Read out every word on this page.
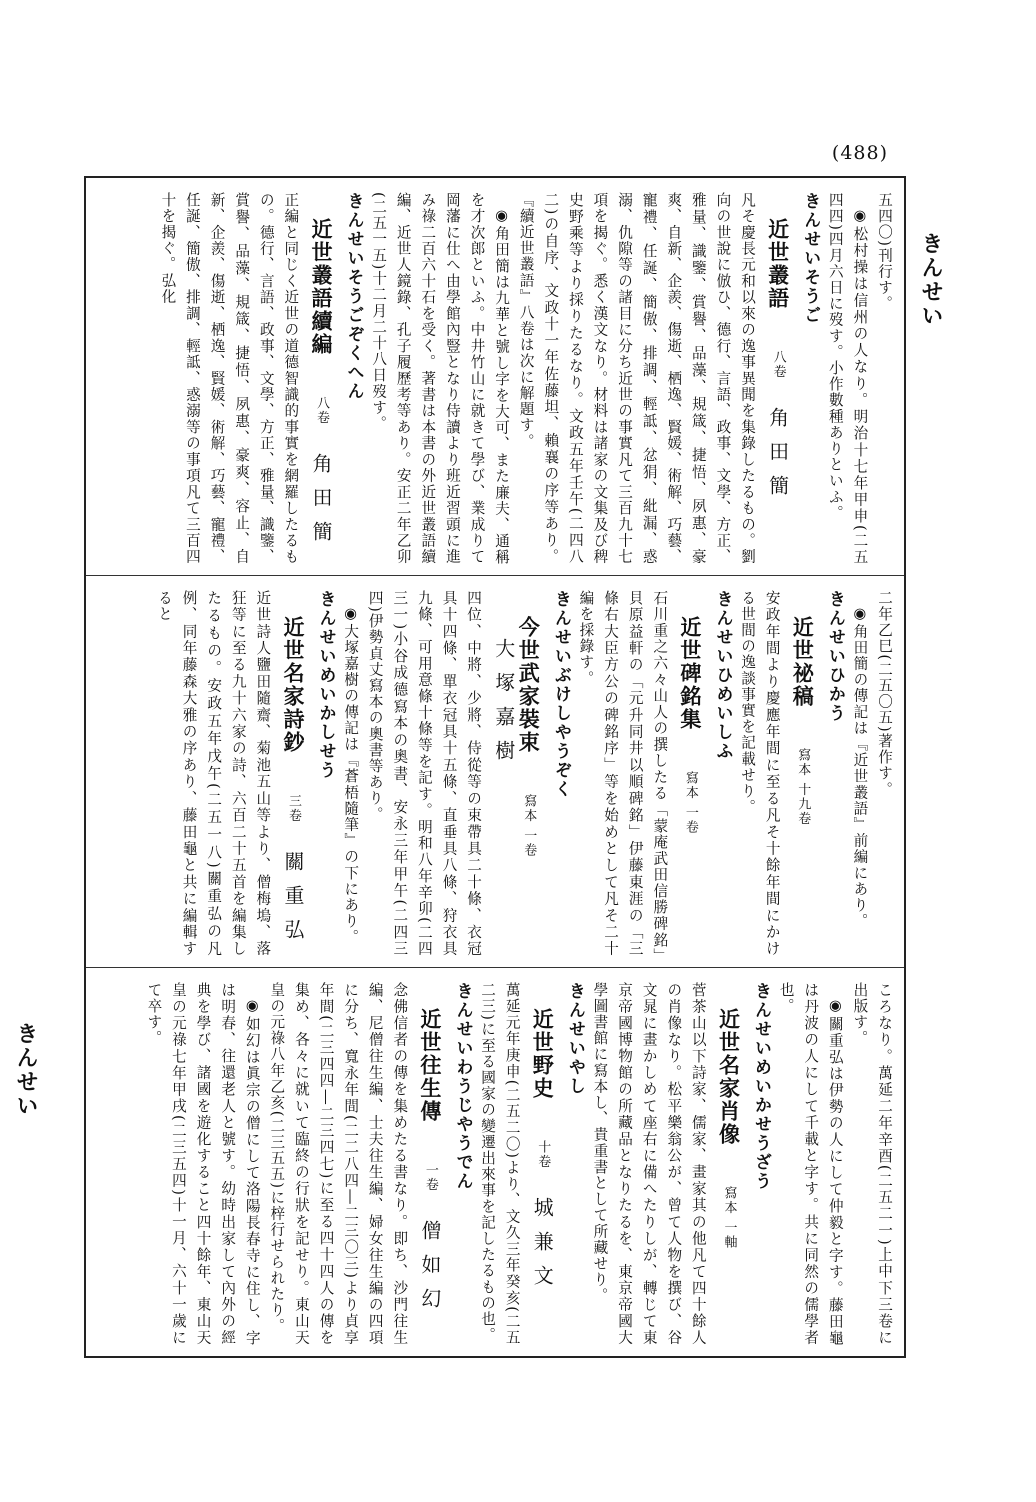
(488)
きんせい
きんせい
五四〇)刊行す。
◉松村操は信州の人なり。明治十七年甲申(二五四四)四月六日に歿す。小作數種ありといふ。
きんせいそうご
近世叢語 八卷 角田簡
凡そ慶長元和以來の逸事異聞を集錄したるもの。劉向の世說に倣ひ、德行、言語、政事、文學、方正、雅量、識鑒、賞譽、品藻、規箴、捷悟、夙惠、豪爽、自新、企羨、傷逝、栖逸、賢媛、術解、巧藝、寵禮、任誕、簡傲、排調、輕詆、忿狷、紕漏、惑溺、仇隙等の諸目に分ち近世の事實凡て三百九十七項を揭ぐ。悉く漢文なり。材料は諸家の文集及び稗史野乘等より採りたるなり。文政五年壬午(二四八二)の自序、文政十一年佐藤坦、賴襄の序等あり。『續近世叢語』八卷は次に解題す。
◉角田簡は九華と號し字を大可、また廉夫、通稱を才次郎といふ。中井竹山に就きて學び、業成りて岡藩に仕へ由學館內豎となり侍讀より班近習頭に進み祿二百六十石を受く。著書は本書の外近世叢語續編、近世人鏡錄、孔子履歷考等あり。安正二年乙卯(二五一五)十二月二十八日歿す。
きんせいそうごぞくへん
近世叢語續編 八卷 角田簡
正編と同じく近世の道德智識的事實を網羅したるもの。德行、言語、政事、文學、方正、雅量、識鑒、賞譽、品藻、規箴、捷悟、夙惠、豪爽、容止、自新、企羨、傷逝、栖逸、賢媛、術解、巧藝、寵禮、任誕、簡傲、排調、輕詆、惑溺等の事項凡て三百四十を揭ぐ。弘化
二年乙巳(二五〇五)著作す。
◉角田簡の傳記は『近世叢語』前編にあり。
きんせいひかう
近世祕稿 寫本 十九卷
安政年間より慶應年間に至る凡そ十餘年間にかけ る世間の逸談事實を記載せり。
きんせいひめいしふ
近世碑銘集 寫本 一卷
石川重之六々山人の撰したる「蒙庵武田信勝碑銘」貝原益軒の「元升同井以順碑銘」伊藤東涯の「三條右大臣方公の碑銘序」等を始めとして凡そ二十編を採錄す。
きんせいぶけしやうぞく
今世武家裝束 寫本 一卷 大塚嘉樹
四位、中將、少將、侍從等の束帶具二十條、衣冠具十四條、單衣冠具十五條、直垂具八條、狩衣具九條、可用意條十條等を記す。明和八年辛卯(二四三一)小谷成德寫本の奧書、安永三年甲午(二四三四)伊勢貞丈寫本の奧書等あり。
◉大塚嘉樹の傳記は『蒼梧隨筆』の下にあり。
きんせいめいかしせう
近世名家詩鈔 三卷 關重弘
近世詩人鹽田隨齋、菊池五山等より、僧梅塢、落狂等に至る九十六家の詩、六百二十五首を編集したるもの。安政五年戊午(二五一八)關重弘の凡例、同年藤森大雅の序あり、藤田龜と共に編輯すると
ころなり。萬延二年辛酉(二五二一)上中下三卷に出版す。
◉關重弘は伊勢の人にして仲毅と字す。藤田龜は丹波の人にして千載と字す。共に同然の儒學者也。
きんせいめいかせうざう
近世名家肖像 寫本 一軸
菅茶山以下詩家、儒家、畫家其の他凡て四十餘人の肖像なり。松平樂翁公が、曾て人物を撰び、谷文晁に畫かしめて座右に備へたりしが、轉じて東京帝國博物館の所藏品となりたるを、東京帝國大學圖書館に寫本し、貴重書として所藏せり。
きんせいやし
近世野史 十卷 城兼文
萬延元年庚申(二五二〇)より、文久三年癸亥(二五二三)に至る國家の變遷出來事を記したるもの也。
きんせいわうじやうでん
近世往生傳 一卷 僧如幻
念佛信者の傳を集めたる書なり。即ち、沙門往生編、尼僧往生編、士夫往生編、婦女往生編の四項に分ち、寬永年間(二二八四―二三〇三)より貞享年間(二三四四―二三四七)に至る四十四人の傳を集め、各々に就いて臨終の行狀を記せり。東山天皇の元祿八年乙亥(二三五五)に梓行せられたり。
◉如幻は眞宗の僧にして洛陽長春寺に住し、字は明春、往還老人と號す。幼時出家して內外の經典を學び、諸國を遊化すること四十餘年、東山天皇の元祿七年甲戌(二三五四)十一月、六十一歲にて卒す。
